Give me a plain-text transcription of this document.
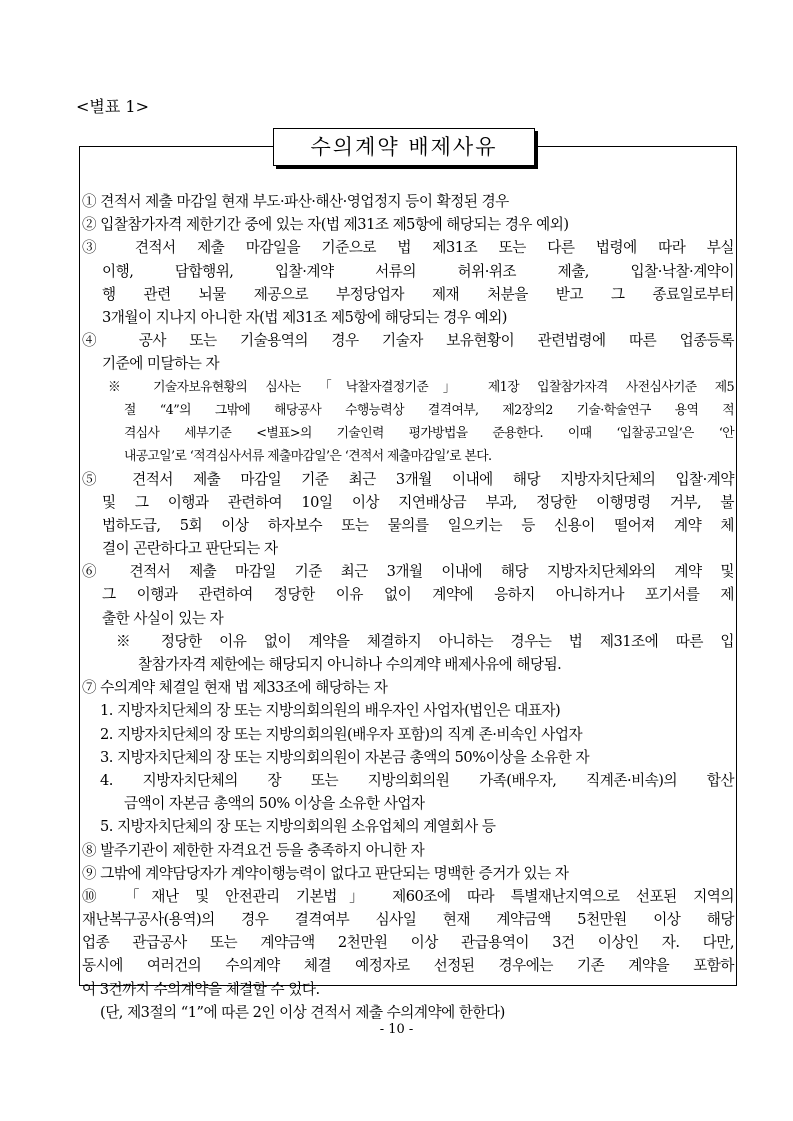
<별표 1>
수의계약 배제사유
① 견적서 제출 마감일 현재 부도·파산·해산·영업정지 등이 확정된 경우
② 입찰참가자격 제한기간 중에 있는 자(법 제31조 제5항에 해당되는 경우 예외)
③ 견적서 제출 마감일을 기준으로 법 제31조 또는 다른 법령에 따라 부실
이행, 담합행위, 입찰·계약 서류의 허위·위조 제출, 입찰·낙찰·계약이
행 관련 뇌물 제공으로 부정당업자 제재 처분을 받고 그 종료일로부터
3개월이 지나지 아니한 자(법 제31조 제5항에 해당되는 경우 예외)
④ 공사 또는 기술용역의 경우 기술자 보유현황이 관련법령에 따른 업종등록
기준에 미달하는 자
※ 기술자보유현황의 심사는 「낙찰자결정기준」 제1장 입찰참가자격 사전심사기준 제5
절 “4”의 그밖에 해당공사 수행능력상 결격여부, 제2장의2 기술·학술연구 용역 적
격심사 세부기준 <별표>의 기술인력 평가방법을 준용한다. 이때 ‘입찰공고일’은 ‘안
내공고일’로 ‘적격심사서류 제출마감일’은 ‘견적서 제출마감일’로 본다.
⑤ 견적서 제출 마감일 기준 최근 3개월 이내에 해당 지방자치단체의 입찰·계약
및 그 이행과 관련하여 10일 이상 지연배상금 부과, 정당한 이행명령 거부, 불
법하도급, 5회 이상 하자보수 또는 물의를 일으키는 등 신용이 떨어져 계약 체
결이 곤란하다고 판단되는 자
⑥ 견적서 제출 마감일 기준 최근 3개월 이내에 해당 지방자치단체와의 계약 및
그 이행과 관련하여 정당한 이유 없이 계약에 응하지 아니하거나 포기서를 제
출한 사실이 있는 자
※ 정당한 이유 없이 계약을 체결하지 아니하는 경우는 법 제31조에 따른 입
찰참가자격 제한에는 해당되지 아니하나 수의계약 배제사유에 해당됨.
⑦ 수의계약 체결일 현재 법 제33조에 해당하는 자
1. 지방자치단체의 장 또는 지방의회의원의 배우자인 사업자(법인은 대표자)
2. 지방자치단체의 장 또는 지방의회의원(배우자 포함)의 직계 존·비속인 사업자
3. 지방자치단체의 장 또는 지방의회의원이 자본금 총액의 50%이상을 소유한 자
4. 지방자치단체의 장 또는 지방의회의원 가족(배우자, 직계존·비속)의 합산
금액이 자본금 총액의 50% 이상을 소유한 사업자
5. 지방자치단체의 장 또는 지방의회의원 소유업체의 계열회사 등
⑧ 발주기관이 제한한 자격요건 등을 충족하지 아니한 자
⑨ 그밖에 계약담당자가 계약이행능력이 없다고 판단되는 명백한 증거가 있는 자
⑩ 「재난 및 안전관리 기본법」 제60조에 따라 특별재난지역으로 선포된 지역의
재난복구공사(용역)의 경우 결격여부 심사일 현재 계약금액 5천만원 이상 해당
업종 관급공사 또는 계약금액 2천만원 이상 관급용역이 3건 이상인 자. 다만,
동시에 여러건의 수의계약 체결 예정자로 선정된 경우에는 기존 계약을 포함하
여 3건까지 수의계약을 체결할 수 있다.
(단, 제3절의 “1”에 따른 2인 이상 견적서 제출 수의계약에 한한다)
- 10 -
